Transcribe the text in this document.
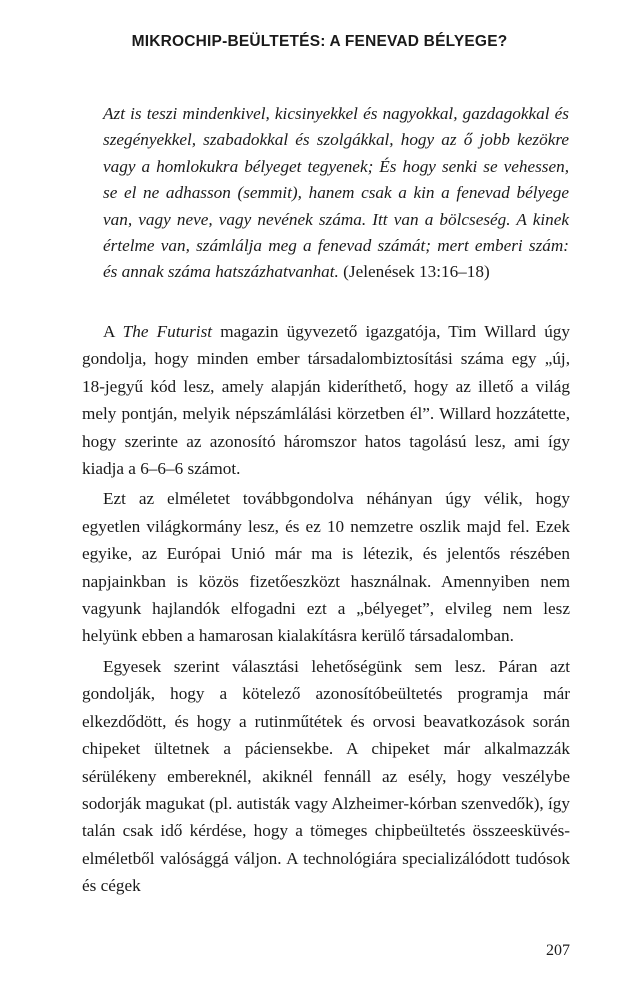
MIKROCHIP-BEÜLTETÉS: A FENEVAD BÉLYEGE?
Azt is teszi mindenkivel, kicsinyekkel és nagyokkal, gazdagokkal és szegényekkel, szabadokkal és szolgákkal, hogy az ő jobb kezökre vagy a homlokukra bélyeget tegyenek; És hogy senki se vehessen, se el ne adhasson (semmit), hanem csak a kin a fenevad bélyege van, vagy neve, vagy nevének száma. Itt van a bölcseség. A kinek értelme van, számlálja meg a fenevad számát; mert emberi szám: és annak száma hatszázhatvanhat. (Jelenések 13:16–18)

A The Futurist magazin ügyvezető igazgatója, Tim Willard úgy gondolja, hogy minden ember társadalombiztosítási száma egy „új, 18-jegyű kód lesz, amely alapján kideríthető, hogy az illető a világ mely pontján, melyik népszámlálási körzetben él”. Willard hozzátette, hogy szerinte az azonosító háromszor hatos tagolású lesz, ami így kiadja a 6–6–6 számot.

Ezt az elméletet továbbgondolva néhányan úgy vélik, hogy egyetlen világkormány lesz, és ez 10 nemzetre oszlik majd fel. Ezek egyike, az Európai Unió már ma is létezik, és jelentős részében napjainkban is közös fizetőeszközt használnak. Amennyiben nem vagyunk hajlandók elfogadni ezt a „bélyeget”, elvileg nem lesz helyünk ebben a hamarosan kialakításra kerülő társadalomban.

Egyesek szerint választási lehetőségünk sem lesz. Páran azt gondolják, hogy a kötelező azonosítóbeültetés programja már elkezdődött, és hogy a rutinműtétek és orvosi beavatkozások során chipeket ültetnek a páciensekbe. A chipeket már alkalmazzák sérülékeny embereknél, akiknél fennáll az esély, hogy veszélybe sodorják magukat (pl. autisták vagy Alzheimer-kórban szenvedők), így talán csak idő kérdése, hogy a tömeges chipbeültetés összeesküvés-elméletből valósággá váljon. A technológiára specializálódott tudósok és cégek

207
